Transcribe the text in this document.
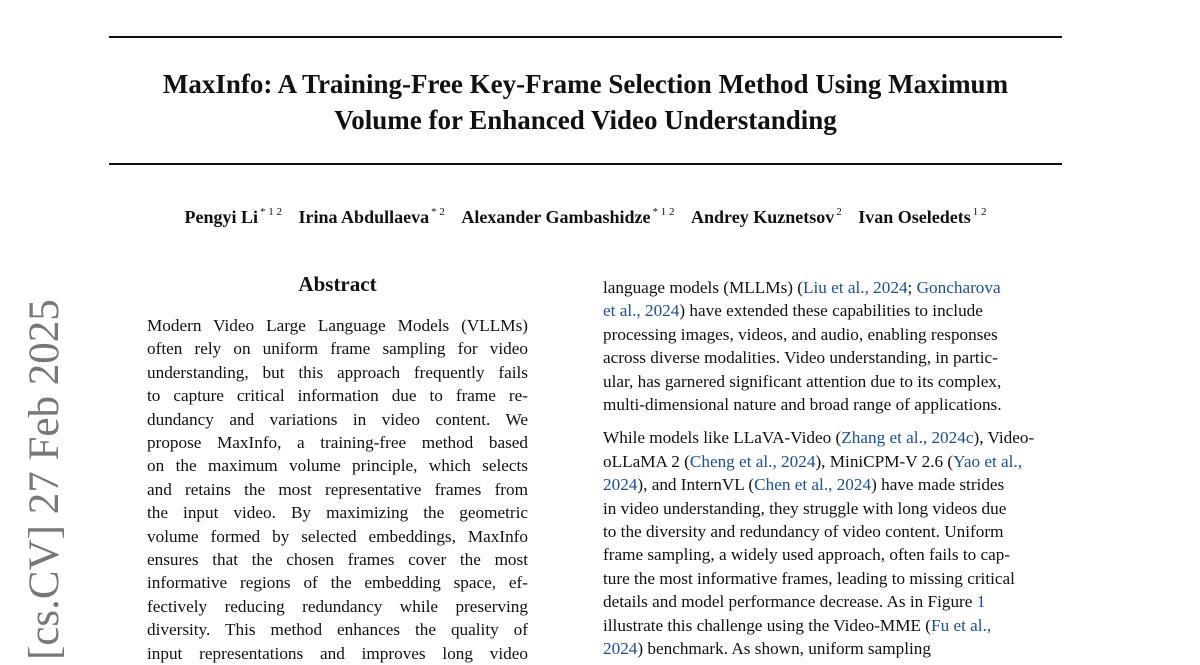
MaxInfo: A Training-Free Key-Frame Selection Method Using Maximum
Volume for Enhanced Video Understanding
Pengyi Li $^{* 1 2}$ Irina Abdullaeva $^{* 2}$ Alexander Gambashidze $^{* 1 2}$ Andrey Kuznetsov $^2$ Ivan Oseledets $^{1 2}$
[cs.CV] 27 Feb 2025
Abstract
Modern Video Large Language Models (VLLMs)
often rely on uniform frame sampling for video
understanding, but this approach frequently fails
to capture critical information due to frame re-
dundancy and variations in video content. We
propose MaxInfo, a training-free method based
on the maximum volume principle, which selects
and retains the most representative frames from
the input video. By maximizing the geometric
volume formed by selected embeddings, MaxInfo
ensures that the chosen frames cover the most
informative regions of the embedding space, ef-
fectively reducing redundancy while preserving
diversity. This method enhances the quality of
input representations and improves long video
language models (MLLMs) (Liu et al., 2024; Goncharova
et al., 2024) have extended these capabilities to include
processing images, videos, and audio, enabling responses
across diverse modalities. Video understanding, in partic-
ular, has garnered significant attention due to its complex,
multi-dimensional nature and broad range of applications.
While models like LLaVA-Video (Zhang et al., 2024c), Video-
oLLaMA 2 (Cheng et al., 2024), MiniCPM-V 2.6 (Yao et al.,
2024), and InternVL (Chen et al., 2024) have made strides
in video understanding, they struggle with long videos due
to the diversity and redundancy of video content. Uniform
frame sampling, a widely used approach, often fails to cap-
ture the most informative frames, leading to missing critical
details and model performance decrease. As in Figure 1
illustrate this challenge using the Video-MME (Fu et al.,
2024) benchmark. As shown, uniform sampling
